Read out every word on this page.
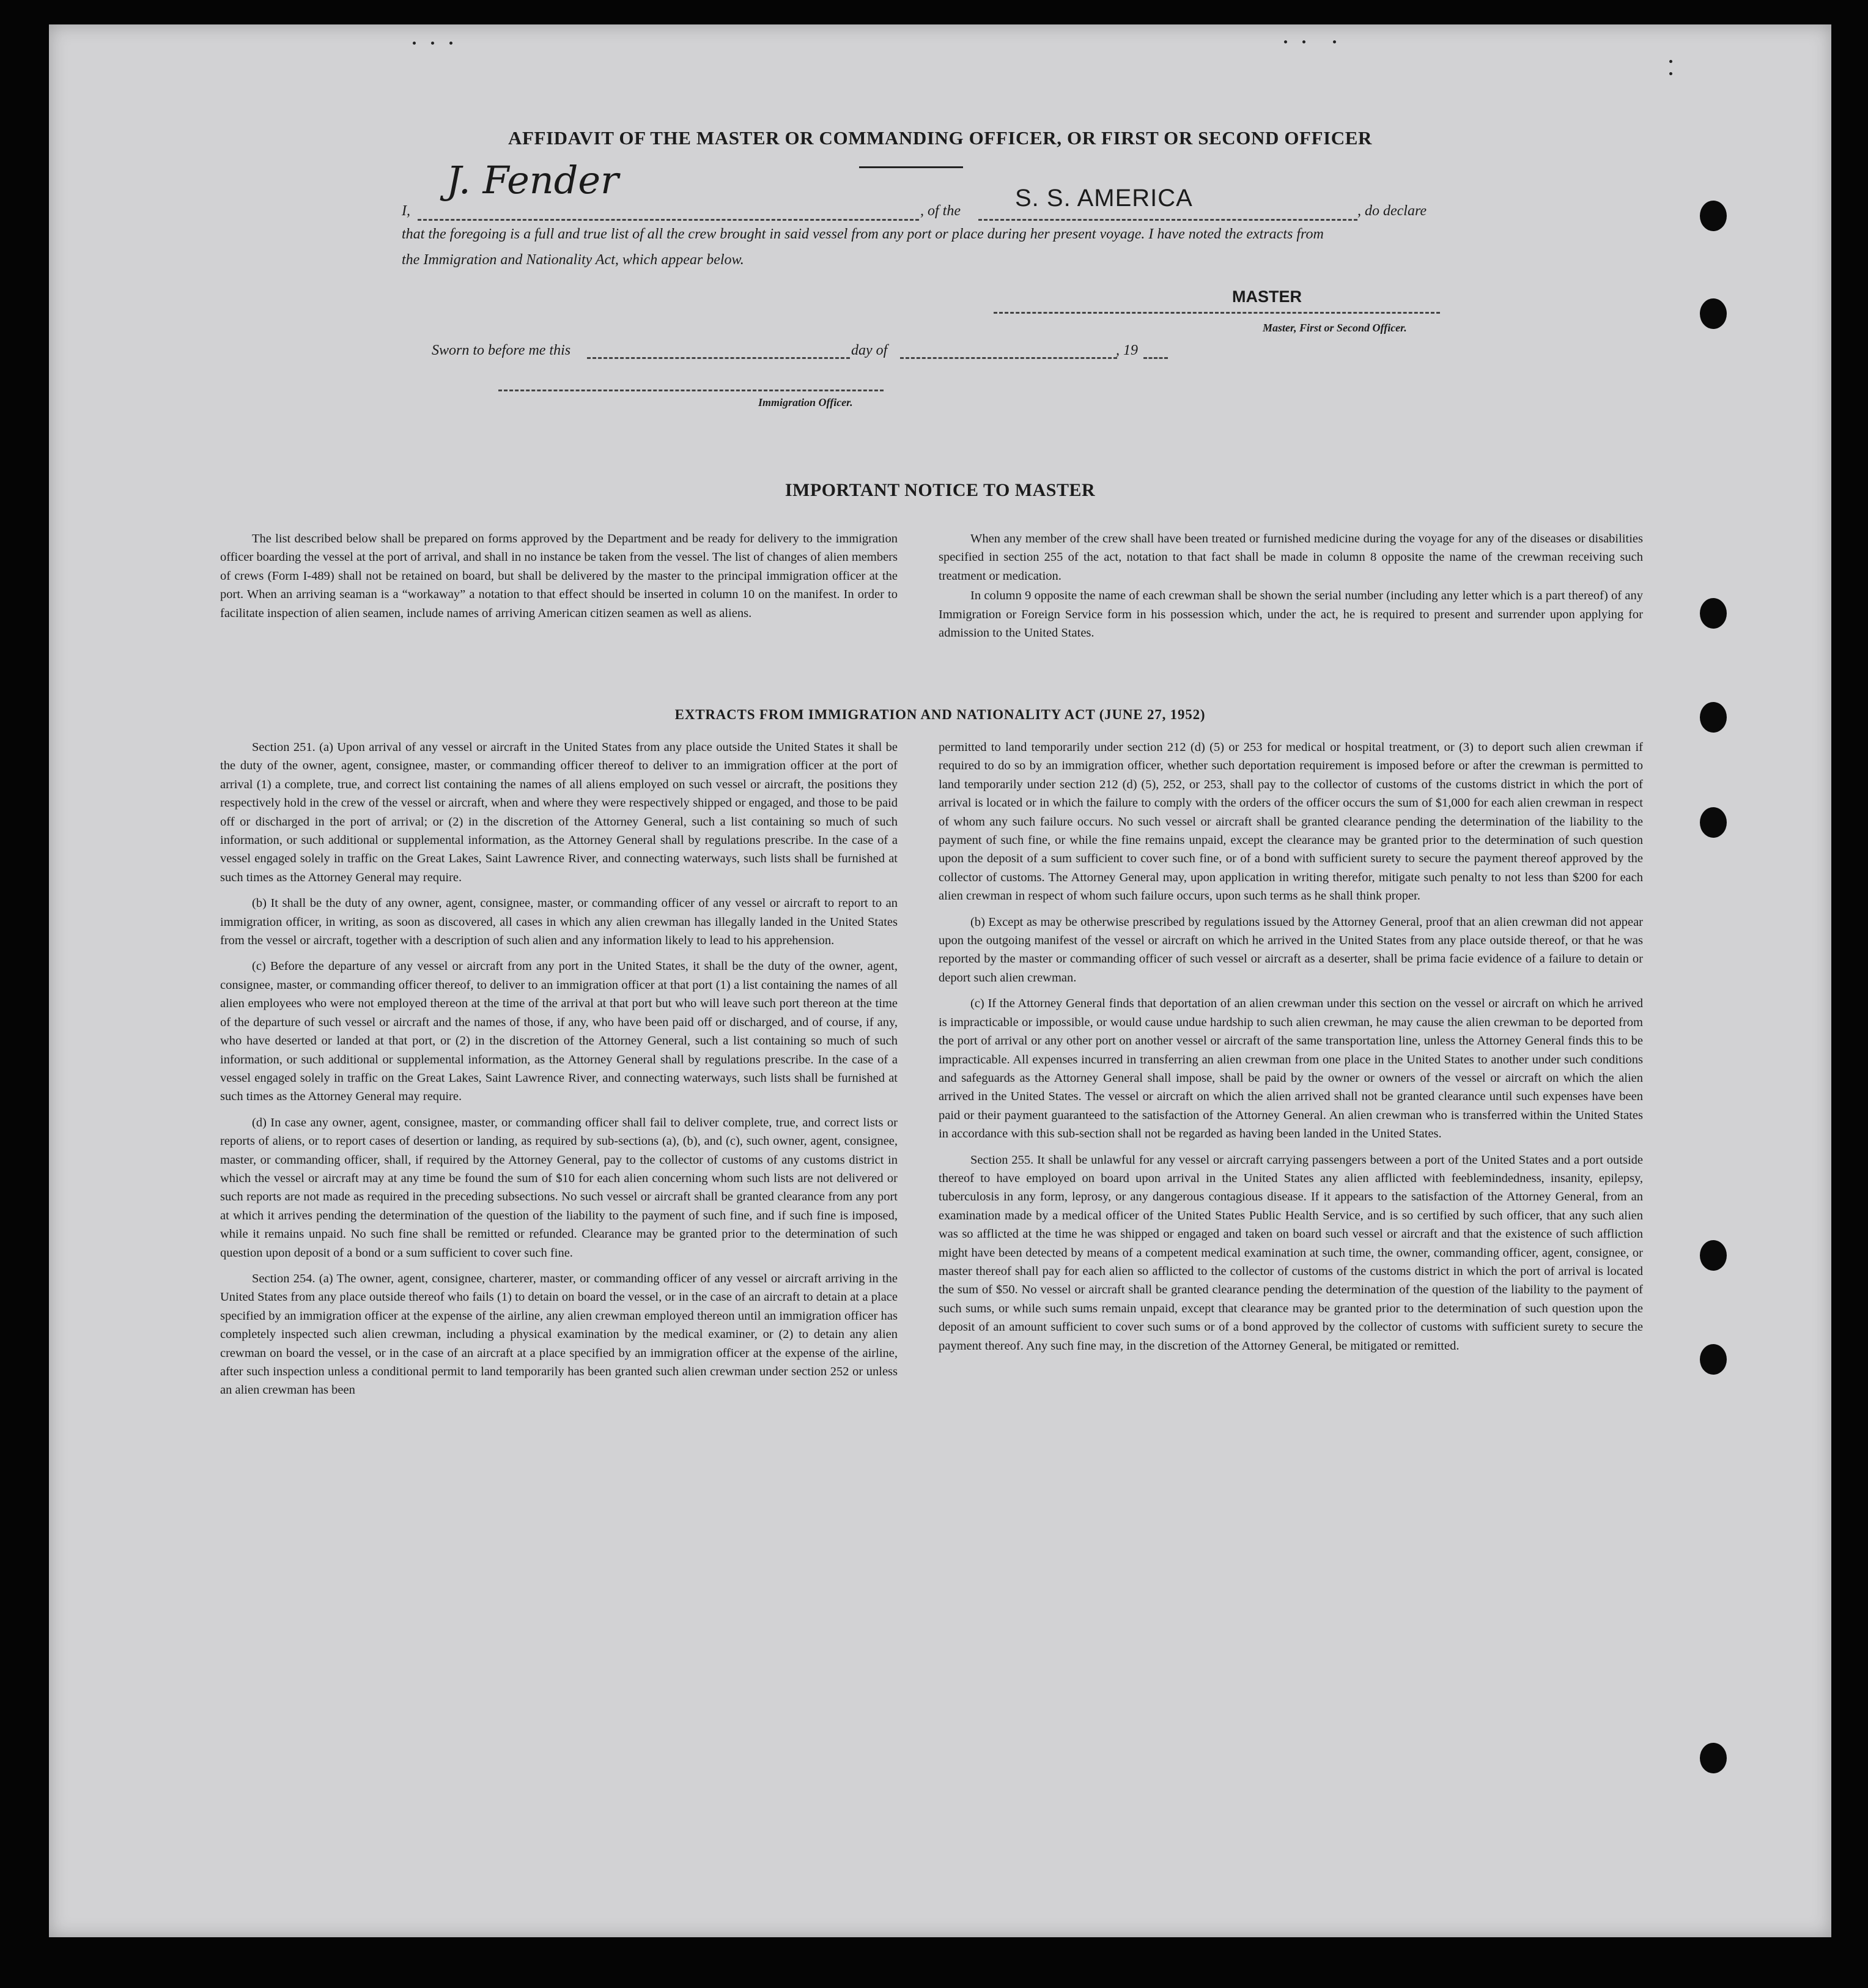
AFFIDAVIT OF THE MASTER OR COMMANDING OFFICER, OR FIRST OR SECOND OFFICER
I,
J. Fender
, of the S. S. AMERICA	, do declare
that the foregoing is a full and true list of all the crew brought in said vessel from any port or place during her present voyage. I have noted the extracts from
the Immigration and Nationality Act, which appear below.
MASTER
Master, First or Second Officer.
Sworn to before me this	day of	, 19
Immigration Officer.
IMPORTANT NOTICE TO MASTER

The list described below shall be prepared on forms approved by the Department and be ready for delivery to the immigration officer boarding the vessel at the port of arrival, and shall in no instance be taken from the vessel. The list of changes of alien members of crews (Form I-489) shall not be retained on board, but shall be delivered by the master to the principal immigration officer at the port. When an arriving seaman is a “workaway” a notation to that effect should be inserted in column 10 on the manifest. In order to facilitate inspection of alien seamen, include names of arriving American citizen seamen as well as aliens.

When any member of the crew shall have been treated or furnished medicine during the voyage for any of the diseases or disabilities specified in section 255 of the act, notation to that fact shall be made in column 8 opposite the name of the crewman receiving such treatment or medication.

In column 9 opposite the name of each crewman shall be shown the serial number (including any letter which is a part thereof) of any Immigration or Foreign Service form in his possession which, under the act, he is required to present and surrender upon applying for admission to the United States.

EXTRACTS FROM IMMIGRATION AND NATIONALITY ACT (JUNE 27, 1952)

Section 251. (a) Upon arrival of any vessel or aircraft in the United States from any place outside the United States it shall be the duty of the owner, agent, consignee, master, or commanding officer thereof to deliver to an immigration officer at the port of arrival (1) a complete, true, and correct list containing the names of all aliens employed on such vessel or aircraft, the positions they respectively hold in the crew of the vessel or aircraft, when and where they were respectively shipped or engaged, and those to be paid off or discharged in the port of arrival; or (2) in the discretion of the Attorney General, such a list containing so much of such information, or such additional or supplemental information, as the Attorney General shall by regulations prescribe. In the case of a vessel engaged solely in traffic on the Great Lakes, Saint Lawrence River, and connecting waterways, such lists shall be furnished at such times as the Attorney General may require.

(b) It shall be the duty of any owner, agent, consignee, master, or commanding officer of any vessel or aircraft to report to an immigration officer, in writing, as soon as discovered, all cases in which any alien crewman has illegally landed in the United States from the vessel or aircraft, together with a description of such alien and any information likely to lead to his apprehension.

(c) Before the departure of any vessel or aircraft from any port in the United States, it shall be the duty of the owner, agent, consignee, master, or commanding officer thereof, to deliver to an immigration officer at that port (1) a list containing the names of all alien employees who were not employed thereon at the time of the arrival at that port but who will leave such port thereon at the time of the departure of such vessel or aircraft and the names of those, if any, who have been paid off or discharged, and of course, if any, who have deserted or landed at that port, or (2) in the discretion of the Attorney General, such a list containing so much of such information, or such additional or supplemental information, as the Attorney General shall by regulations prescribe. In the case of a vessel engaged solely in traffic on the Great Lakes, Saint Lawrence River, and connecting waterways, such lists shall be furnished at such times as the Attorney General may require.

(d) In case any owner, agent, consignee, master, or commanding officer shall fail to deliver complete, true, and correct lists or reports of aliens, or to report cases of desertion or landing, as required by sub-sections (a), (b), and (c), such owner, agent, consignee, master, or commanding officer, shall, if required by the Attorney General, pay to the collector of customs of any customs district in which the vessel or aircraft may at any time be found the sum of $10 for each alien concerning whom such lists are not delivered or such reports are not made as required in the preceding subsections. No such vessel or aircraft shall be granted clearance from any port at which it arrives pending the determination of the question of the liability to the payment of such fine, and if such fine is imposed, while it remains unpaid. No such fine shall be remitted or refunded. Clearance may be granted prior to the determination of such question upon deposit of a bond or a sum sufficient to cover such fine.

Section 254. (a) The owner, agent, consignee, charterer, master, or commanding officer of any vessel or aircraft arriving in the United States from any place outside thereof who fails (1) to detain on board the vessel, or in the case of an aircraft to detain at a place specified by an immigration officer at the expense of the airline, any alien crewman employed thereon until an immigration officer has completely inspected such alien crewman, including a physical examination by the medical examiner, or (2) to detain any alien crewman on board the vessel, or in the case of an aircraft at a place specified by an immigration officer at the expense of the airline, after such inspection unless a conditional permit to land temporarily has been granted such alien crewman under section 252 or unless an alien crewman has been

permitted to land temporarily under section 212 (d) (5) or 253 for medical or hospital treatment, or (3) to deport such alien crewman if required to do so by an immigration officer, whether such deportation requirement is imposed before or after the crewman is permitted to land temporarily under section 212 (d) (5), 252, or 253, shall pay to the collector of customs of the customs district in which the port of arrival is located or in which the failure to comply with the orders of the officer occurs the sum of $1,000 for each alien crewman in respect of whom any such failure occurs. No such vessel or aircraft shall be granted clearance pending the determination of the liability to the payment of such fine, or while the fine remains unpaid, except the clearance may be granted prior to the determination of such question upon the deposit of a sum sufficient to cover such fine, or of a bond with sufficient surety to secure the payment thereof approved by the collector of customs. The Attorney General may, upon application in writing therefor, mitigate such penalty to not less than $200 for each alien crewman in respect of whom such failure occurs, upon such terms as he shall think proper.

(b) Except as may be otherwise prescribed by regulations issued by the Attorney General, proof that an alien crewman did not appear upon the outgoing manifest of the vessel or aircraft on which he arrived in the United States from any place outside thereof, or that he was reported by the master or commanding officer of such vessel or aircraft as a deserter, shall be prima facie evidence of a failure to detain or deport such alien crewman.

(c) If the Attorney General finds that deportation of an alien crewman under this section on the vessel or aircraft on which he arrived is impracticable or impossible, or would cause undue hardship to such alien crewman, he may cause the alien crewman to be deported from the port of arrival or any other port on another vessel or aircraft of the same transportation line, unless the Attorney General finds this to be impracticable. All expenses incurred in transferring an alien crewman from one place in the United States to another under such conditions and safeguards as the Attorney General shall impose, shall be paid by the owner or owners of the vessel or aircraft on which the alien arrived in the United States. The vessel or aircraft on which the alien arrived shall not be granted clearance until such expenses have been paid or their payment guaranteed to the satisfaction of the Attorney General. An alien crewman who is transferred within the United States in accordance with this sub-section shall not be regarded as having been landed in the United States.

Section 255. It shall be unlawful for any vessel or aircraft carrying passengers between a port of the United States and a port outside thereof to have employed on board upon arrival in the United States any alien afflicted with feeblemindedness, insanity, epilepsy, tuberculosis in any form, leprosy, or any dangerous contagious disease. If it appears to the satisfaction of the Attorney General, from an examination made by a medical officer of the United States Public Health Service, and is so certified by such officer, that any such alien was so afflicted at the time he was shipped or engaged and taken on board such vessel or aircraft and that the existence of such affliction might have been detected by means of a competent medical examination at such time, the owner, commanding officer, agent, consignee, or master thereof shall pay for each alien so afflicted to the collector of customs of the customs district in which the port of arrival is located the sum of $50. No vessel or aircraft shall be granted clearance pending the determination of the question of the liability to the payment of such sums, or while such sums remain unpaid, except that clearance may be granted prior to the determination of such question upon the deposit of an amount sufficient to cover such sums or of a bond approved by the collector of customs with sufficient surety to secure the payment thereof. Any such fine may, in the discretion of the Attorney General, be mitigated or remitted.
